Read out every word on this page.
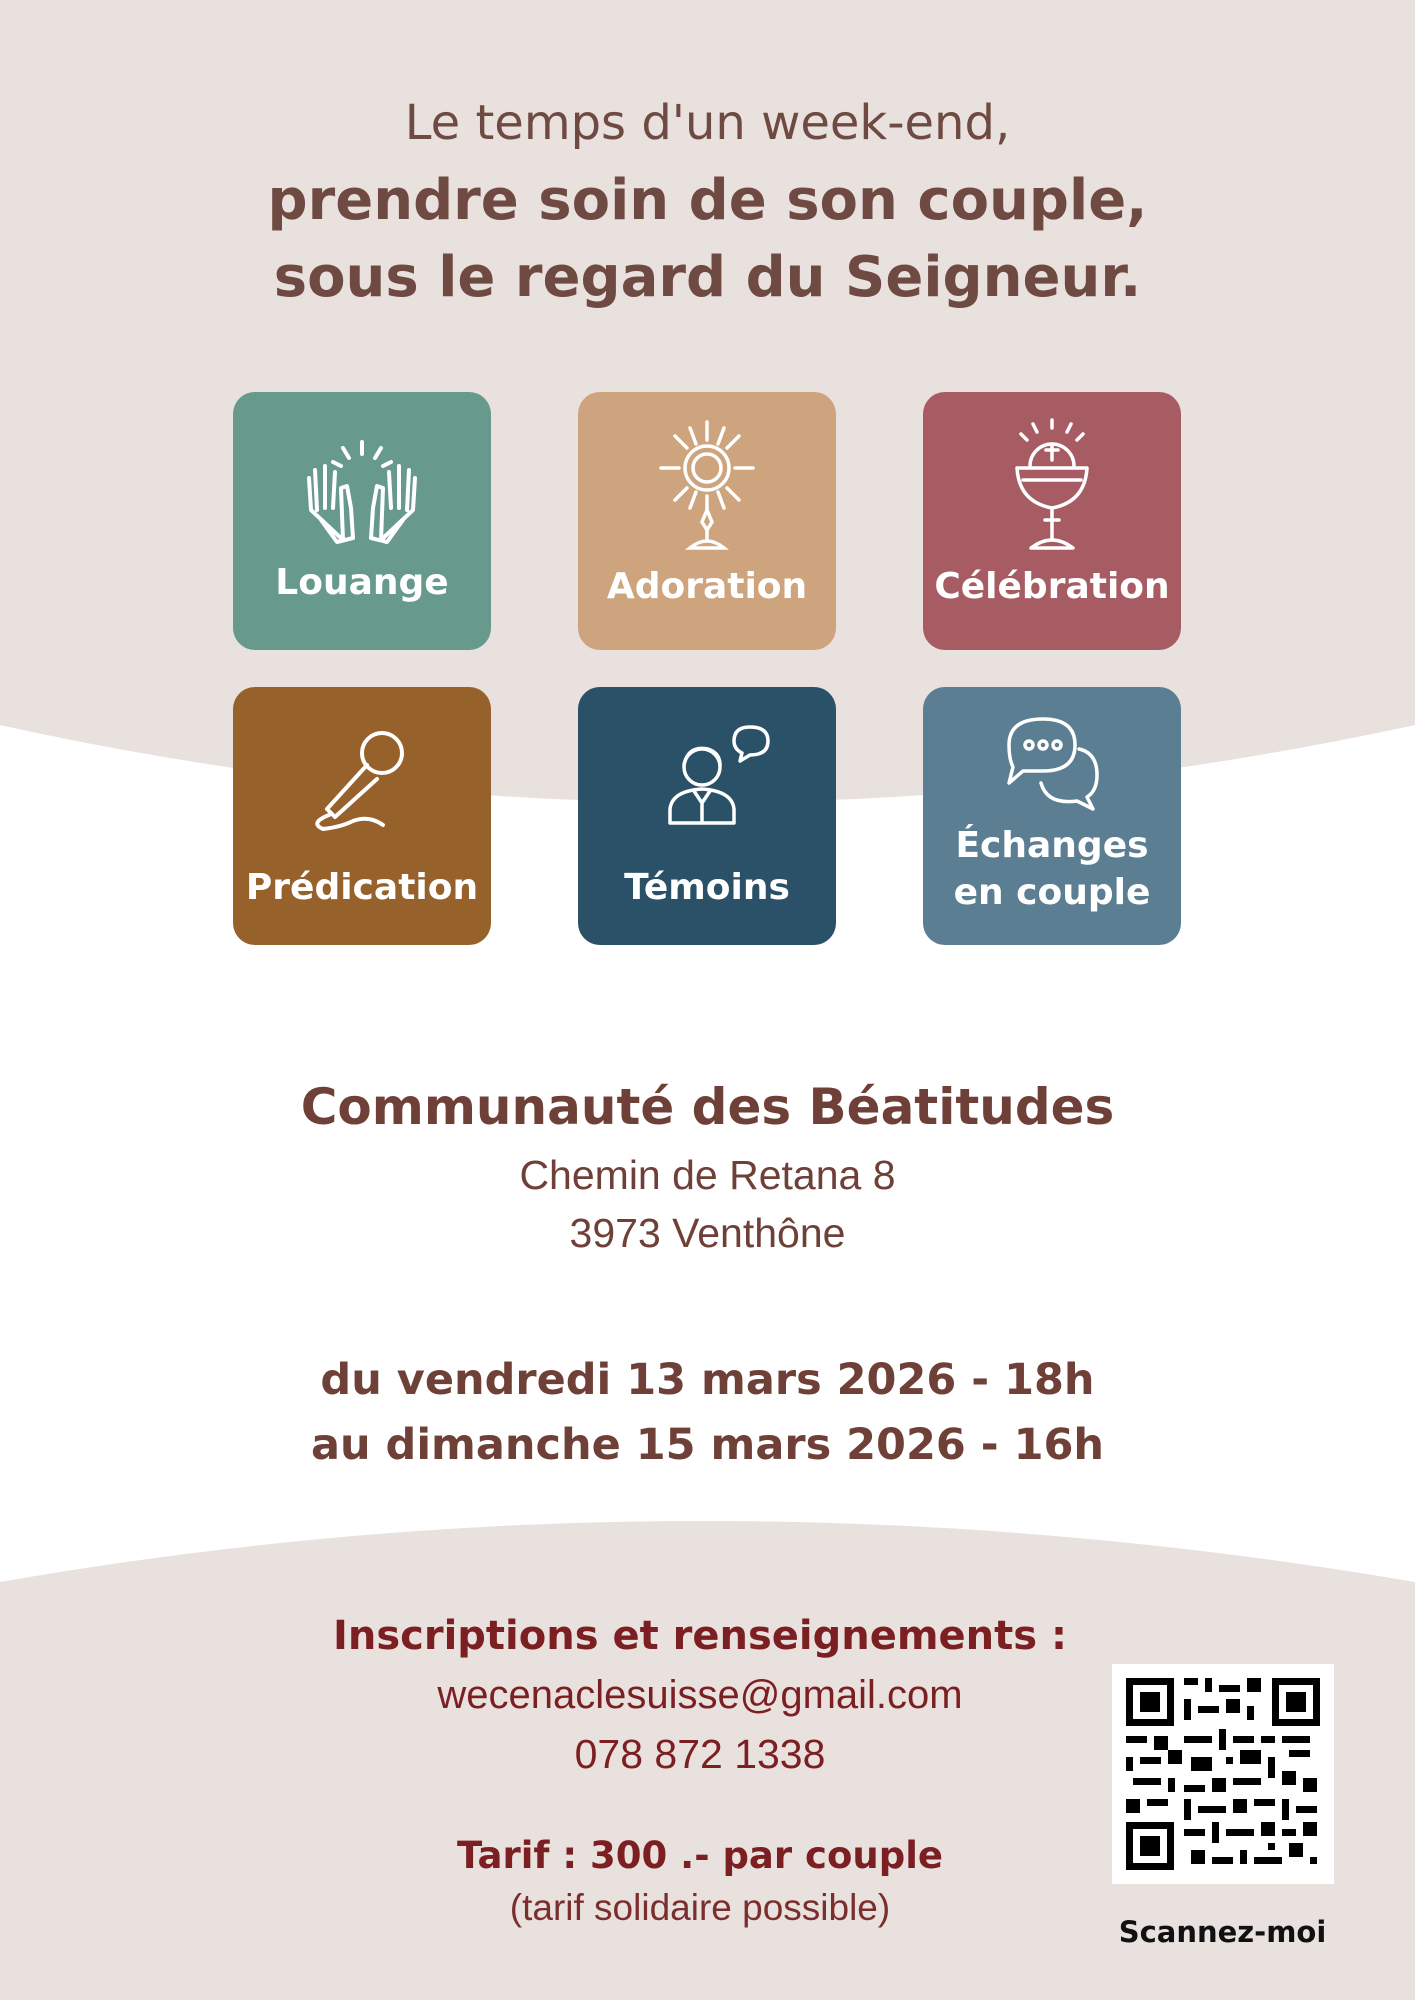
Le temps d'un week-end,
prendre soin de son couple,
sous le regard du Seigneur.
Louange	Adoration	Célébration
Prédication	Témoins
Échanges
en couple
Communauté des Béatitudes
Chemin de Retana 8
3973 Venthône
du vendredi 13 mars 2026 - 18h
au dimanche 15 mars 2026 - 16h
Inscriptions et renseignements :
wecenaclesuisse@gmail.com
078 872 1338
Tarif : 300 .- par couple
(tarif solidaire possible)
Scannez-moi
